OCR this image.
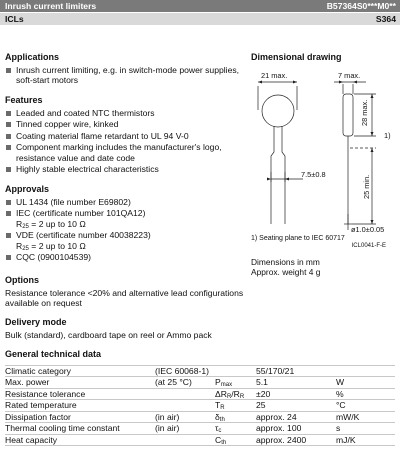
Inrush current limiters	B57364S0***M0**
ICLs	S364
Applications
Inrush current limiting, e.g. in switch-mode power supplies, soft-start motors
Features
Leaded and coated NTC thermistors
Tinned copper wire, kinked
Coating material flame retardant to UL 94 V-0
Component marking includes the manufacturer's logo, resistance value and date code
Highly stable electrical characteristics
Approvals
UL 1434 (file number E69802)
IEC (certificate number 101QA12)
$R_{25} = 2$ up to 10 Ω
VDE (certificate number 40038223)
$R_{25} = 2$ up to 10 Ω
CQC (0900104539)
Dimensional drawing
21 max.	7 max.
28 max.
1)
7.5±0.8
25 min.
ø1.0±0.05
1) Seating plane to IEC 60717
ICL0041-F-E
Dimensions in mm
Approx. weight 4 g
Options
Resistance tolerance <20% and alternative lead configurations available on request
Delivery mode
Bulk (standard), cardboard tape on reel or Ammo pack
General technical data
Climatic category	(IEC 60068-1)		55/170/21	
Max. power	(at 25 °C)	$P_{max}$	5.1	W
Resistance tolerance		$\Delta R_R/R_R$	±20	%
Rated temperature		$T_R$	25	°C
Dissipation factor	(in air)	$\delta_{th}$	approx. 24	mW/K
Thermal cooling time constant	(in air)	$\tau_c$	approx. 100	s
Heat capacity		$C_{th}$	approx. 2400	mJ/K
